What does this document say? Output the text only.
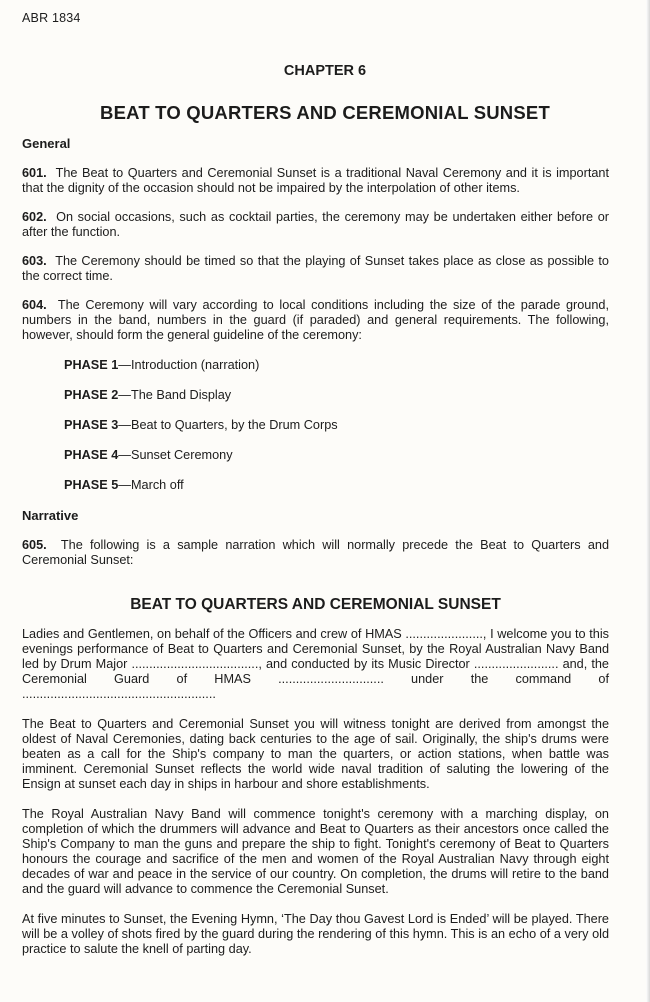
ABR 1834
CHAPTER 6
BEAT TO QUARTERS AND CEREMONIAL SUNSET
General

601. The Beat to Quarters and Ceremonial Sunset is a traditional Naval Ceremony and it is important that the dignity of the occasion should not be impaired by the interpolation of other items.

602. On social occasions, such as cocktail parties, the ceremony may be undertaken either before or after the function.

603. The Ceremony should be timed so that the playing of Sunset takes place as close as possible to the correct time.

604. The Ceremony will vary according to local conditions including the size of the parade ground, numbers in the band, numbers in the guard (if paraded) and general requirements. The following, however, should form the general guideline of the ceremony:

PHASE 1—Introduction (narration)
PHASE 2—The Band Display
PHASE 3—Beat to Quarters, by the Drum Corps
PHASE 4—Sunset Ceremony
PHASE 5—March off
Narrative

605. The following is a sample narration which will normally precede the Beat to Quarters and Ceremonial Sunset:

BEAT TO QUARTERS AND CEREMONIAL SUNSET

Ladies and Gentlemen, on behalf of the Officers and crew of HMAS ......................, I welcome you to this evenings performance of Beat to Quarters and Ceremonial Sunset, by the Royal Australian Navy Band led by Drum Major ...................................., and conducted by its Music Director ........................ and, the Ceremonial Guard of HMAS .............................. under the command of .......................................................

The Beat to Quarters and Ceremonial Sunset you will witness tonight are derived from amongst the oldest of Naval Ceremonies, dating back centuries to the age of sail. Originally, the ship's drums were beaten as a call for the Ship's company to man the quarters, or action stations, when battle was imminent. Ceremonial Sunset reflects the world wide naval tradition of saluting the lowering of the Ensign at sunset each day in ships in harbour and shore establishments.

The Royal Australian Navy Band will commence tonight's ceremony with a marching display, on completion of which the drummers will advance and Beat to Quarters as their ancestors once called the Ship's Company to man the guns and prepare the ship to fight. Tonight's ceremony of Beat to Quarters honours the courage and sacrifice of the men and women of the Royal Australian Navy through eight decades of war and peace in the service of our country. On completion, the drums will retire to the band and the guard will advance to commence the Ceremonial Sunset.

At five minutes to Sunset, the Evening Hymn, ‘The Day thou Gavest Lord is Ended’ will be played. There will be a volley of shots fired by the guard during the rendering of this hymn. This is an echo of a very old practice to salute the knell of parting day.
